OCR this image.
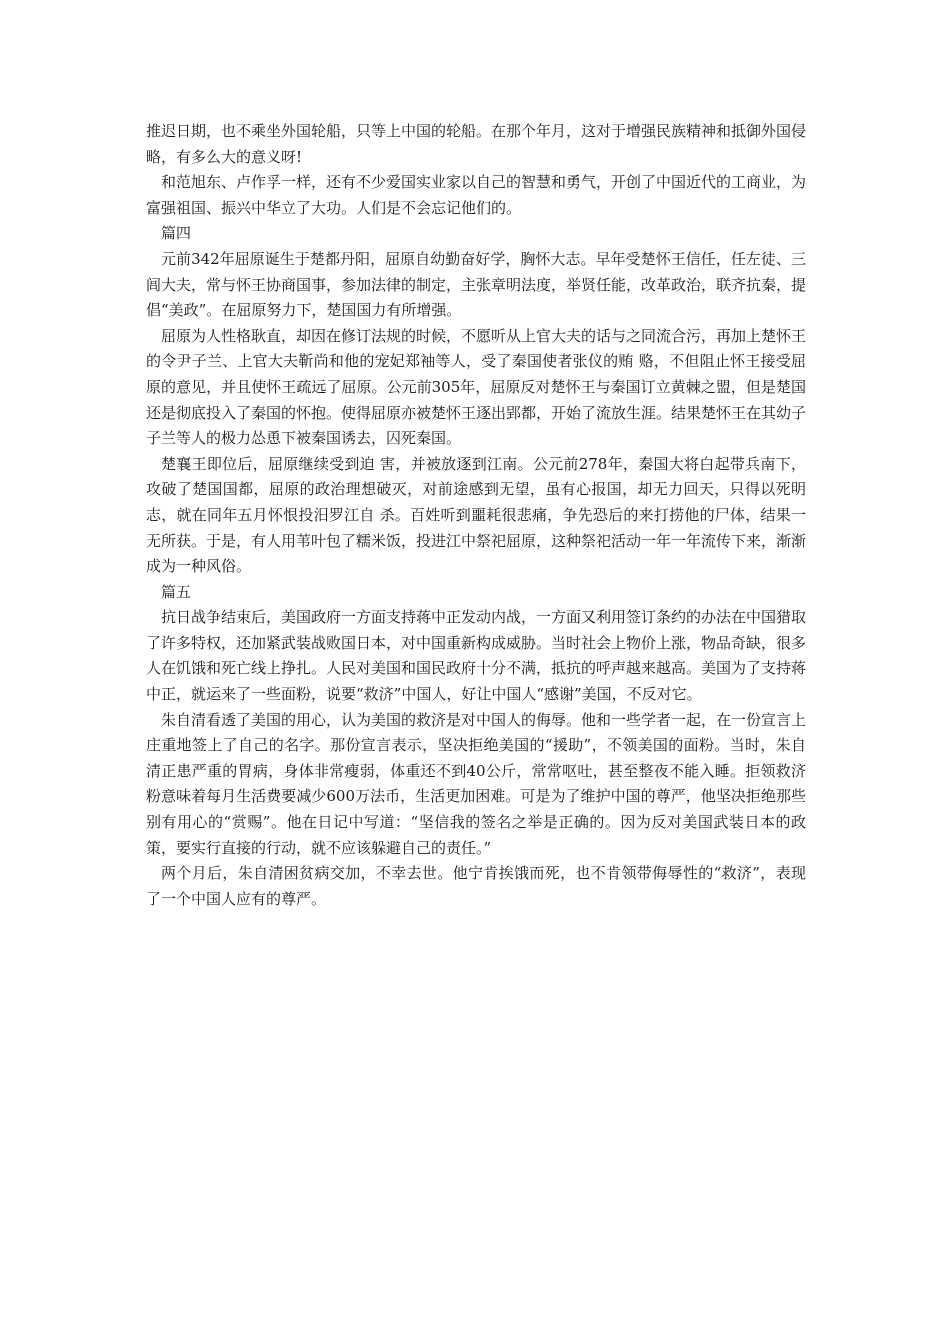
推迟日期，也不乘坐外国轮船，只等上中国的轮船。在那个年月，这对于增强民族精神和抵御外国侵略，有多么大的意义呀!

和范旭东、卢作孚一样，还有不少爱国实业家以自己的智慧和勇气，开创了中国近代的工商业，为富强祖国、振兴中华立了大功。人们是不会忘记他们的。

篇四

元前342年屈原诞生于楚都丹阳，屈原自幼勤奋好学，胸怀大志。早年受楚怀王信任，任左徒、三闾大夫，常与怀王协商国事，参加法律的制定，主张章明法度，举贤任能，改革政治，联齐抗秦，提倡“美政”。在屈原努力下，楚国国力有所增强。

屈原为人性格耿直，却因在修订法规的时候，不愿听从上官大夫的话与之同流合污，再加上楚怀王的令尹子兰、上官大夫靳尚和他的宠妃郑袖等人，受了秦国使者张仪的贿 赂，不但阻止怀王接受屈原的意见，并且使怀王疏远了屈原。公元前305年，屈原反对楚怀王与秦国订立黄棘之盟，但是楚国还是彻底投入了秦国的怀抱。使得屈原亦被楚怀王逐出郢都，开始了流放生涯。结果楚怀王在其幼子子兰等人的极力怂恿下被秦国诱去，囚死秦国。

楚襄王即位后，屈原继续受到迫 害，并被放逐到江南。公元前278年，秦国大将白起带兵南下，攻破了楚国国都，屈原的政治理想破灭，对前途感到无望，虽有心报国，却无力回天，只得以死明志，就在同年五月怀恨投汨罗江自 杀。百姓听到噩耗很悲痛，争先恐后的来打捞他的尸体，结果一无所获。于是，有人用苇叶包了糯米饭，投进江中祭祀屈原，这种祭祀活动一年一年流传下来，渐渐成为一种风俗。

篇五

抗日战争结束后，美国政府一方面支持蒋中正发动内战，一方面又利用签订条约的办法在中国猎取了许多特权，还加紧武装战败国日本，对中国重新构成威胁。当时社会上物价上涨，物品奇缺，很多人在饥饿和死亡线上挣扎。人民对美国和国民政府十分不满，抵抗的呼声越来越高。美国为了支持蒋中正，就运来了一些面粉，说要“救济”中国人，好让中国人“感谢”美国，不反对它。

朱自清看透了美国的用心，认为美国的救济是对中国人的侮辱。他和一些学者一起，在一份宣言上庄重地签上了自己的名字。那份宣言表示，坚决拒绝美国的“援助”，不领美国的面粉。当时，朱自清正患严重的胃病，身体非常瘦弱，体重还不到40公斤，常常呕吐，甚至整夜不能入睡。拒领救济粉意味着每月生活费要减少600万法币，生活更加困难。可是为了维护中国的尊严，他坚决拒绝那些别有用心的“赏赐”。他在日记中写道：“坚信我的签名之举是正确的。因为反对美国武装日本的政策，要实行直接的行动，就不应该躲避自己的责任。”

两个月后，朱自清困贫病交加，不幸去世。他宁肯挨饿而死，也不肯领带侮辱性的“救济”，表现了一个中国人应有的尊严。
